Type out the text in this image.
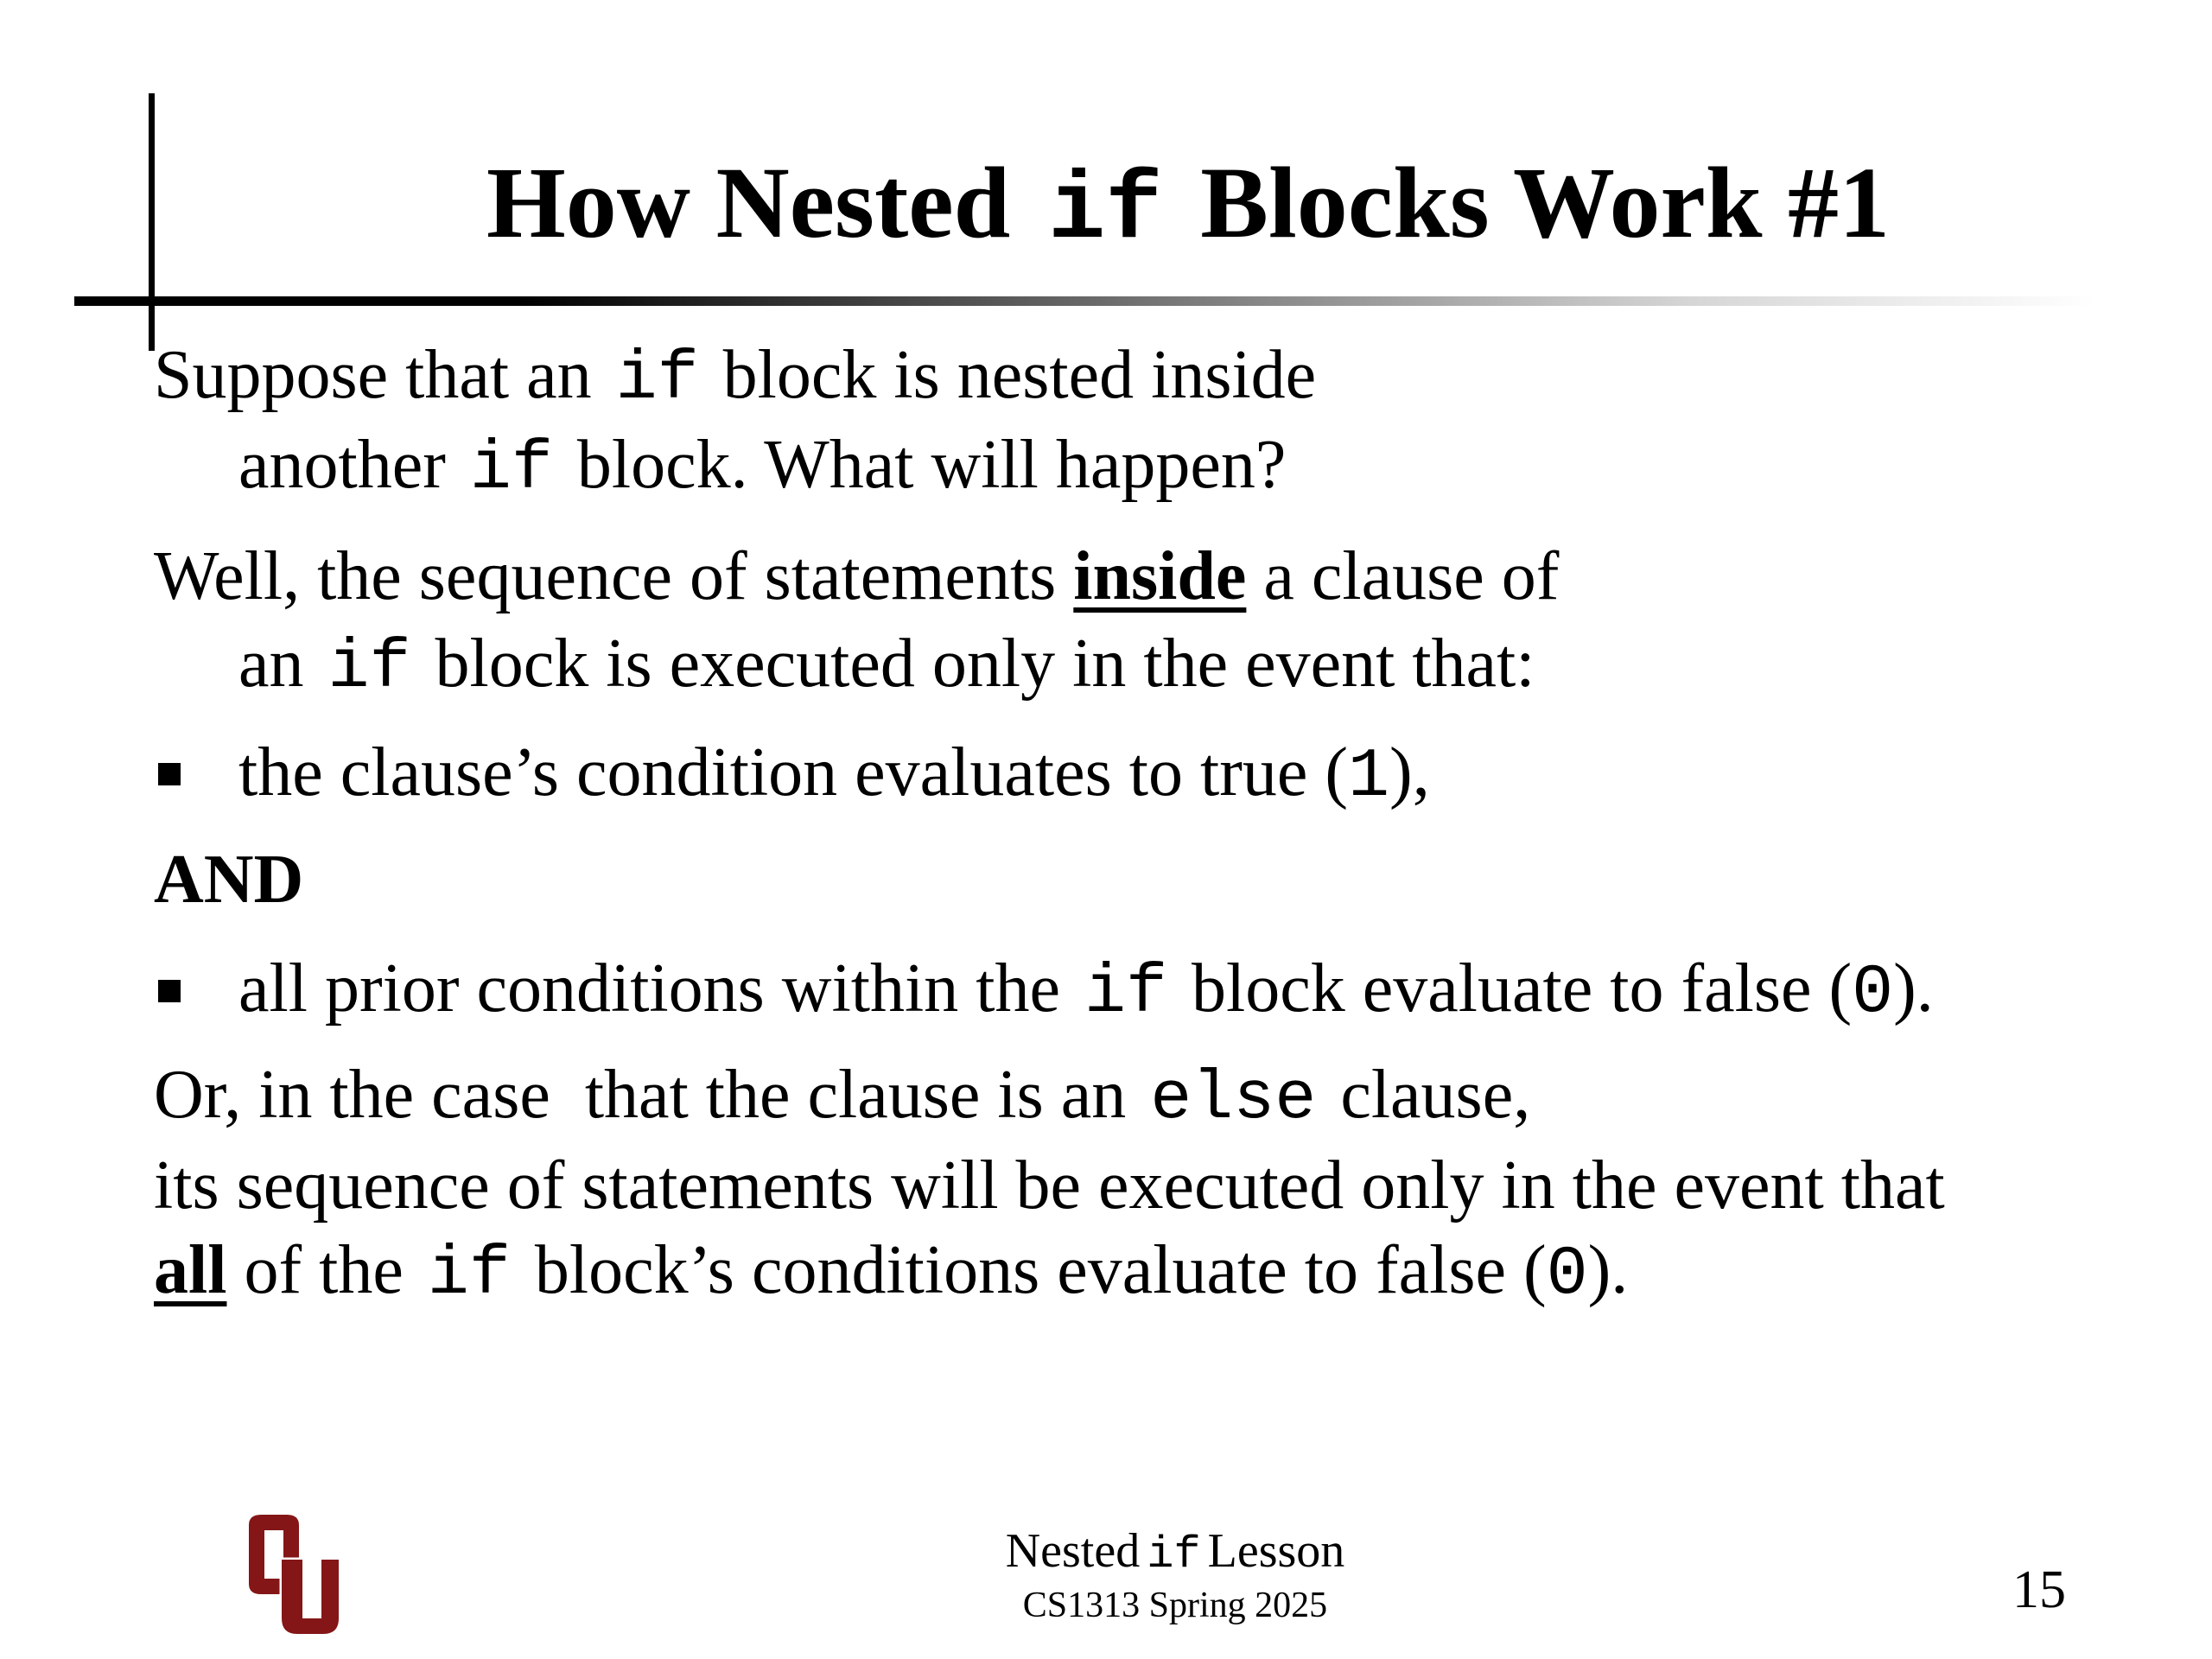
How Nested if Blocks Work #1
Suppose that an if block is nested inside
another if block. What will happen?
Well, the sequence of statements inside a clause of
an if block is executed only in the event that:
the clause’s condition evaluates to true (1),
AND
all prior conditions within the if block evaluate to false (0).
Or, in the case  that the clause is an else clause,
its sequence of statements will be executed only in the event that
all of the if block’s conditions evaluate to false (0).
Nested if Lesson
CS1313 Spring 2025	15
